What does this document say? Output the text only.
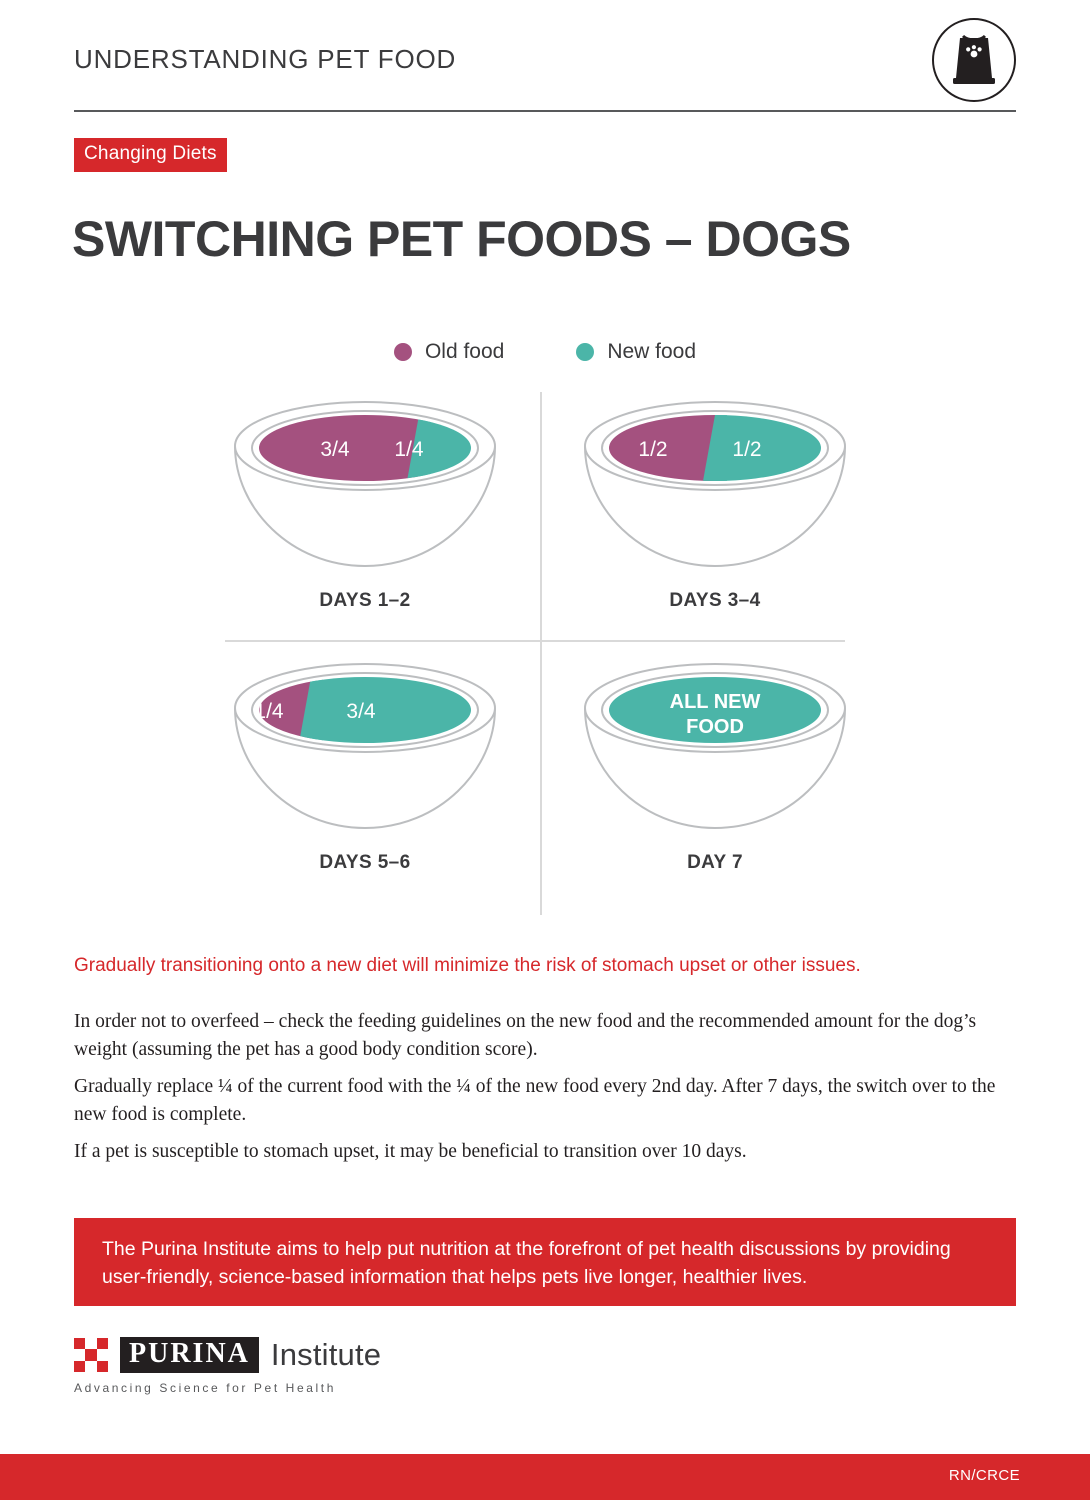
UNDERSTANDING PET FOOD
Changing Diets
SWITCHING PET FOODS – DOGS
Old food	New food
3/4	1/4
DAYS 1–2
1/2	1/2
DAYS 3–4
1/4	3/4
DAYS 5–6
ALL NEW
FOOD
DAY 7
Gradually transitioning onto a new diet will minimize the risk of stomach upset or other issues.
In order not to overfeed – check the feeding guidelines on the new food and the recommended amount for the dog’s weight (assuming the pet has a good body condition score).
Gradually replace ¼ of the current food with the ¼ of the new food every 2nd day. After 7 days, the switch over to the new food is complete.
If a pet is susceptible to stomach upset, it may be beneficial to transition over 10 days.
The Purina Institute aims to help put nutrition at the forefront of pet health discussions by providing user-friendly, science-based information that helps pets live longer, healthier lives.
PURINA Institute
Advancing Science for Pet Health
RN/CRCE
